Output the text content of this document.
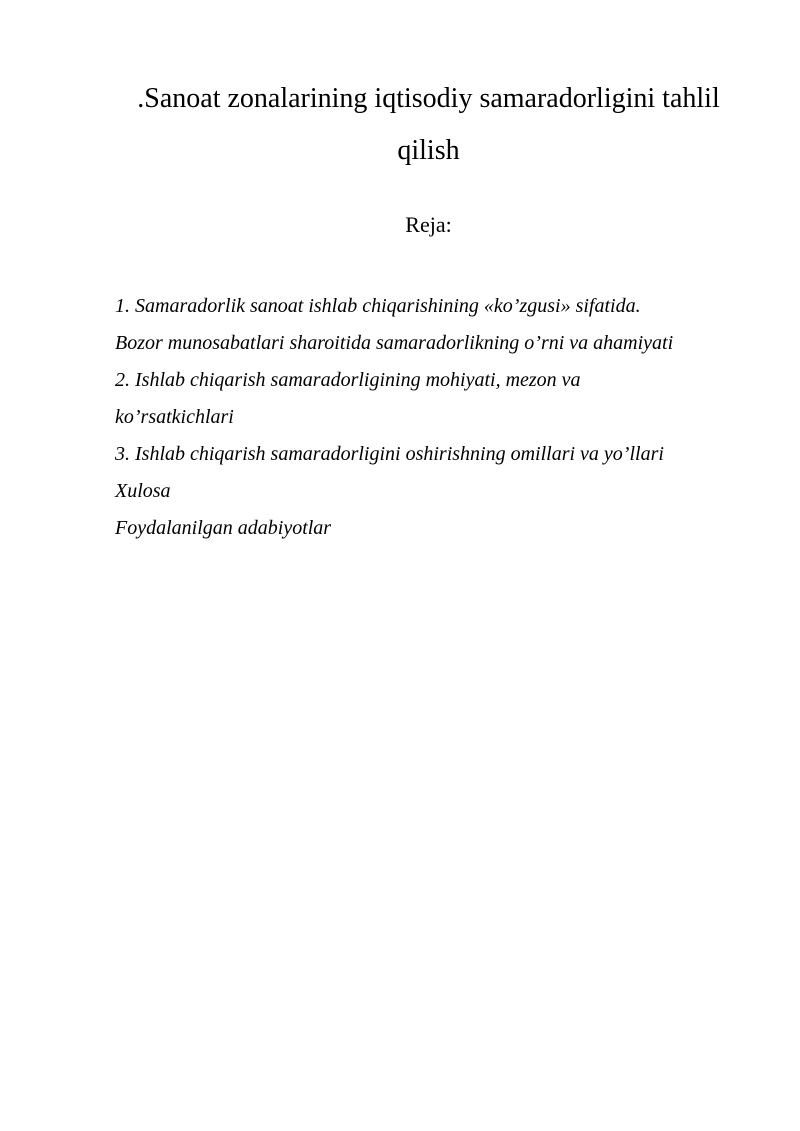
.Sanoat zonalarining iqtisodiy samaradorligini tahlil
qilish
Reja:
1. Samaradorlik sanoat ishlab chiqarishining «ko’zgusi» sifatida.
Bozor munosabatlari sharoitida samaradorlikning o’rni va ahamiyati
2. Ishlab chiqarish samaradorligining mohiyati, mezon va
ko’rsatkichlari
3. Ishlab chiqarish samaradorligini oshirishning omillari va yo’llari
Xulosa
Foydalanilgan adabiyotlar
